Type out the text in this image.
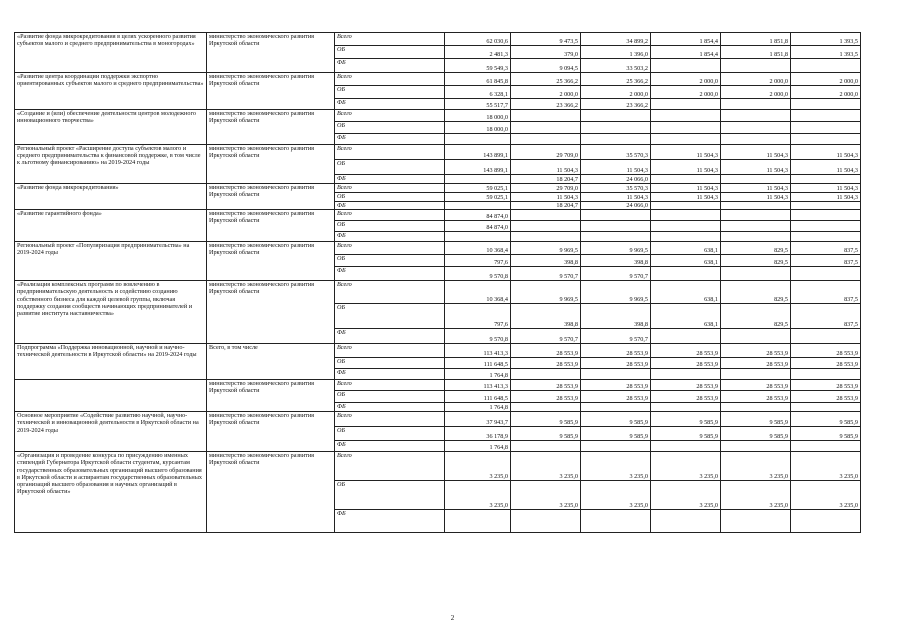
«Развитие фонда микрокредитования в целях ускоренного развития субъектов малого и среднего предпринимательства в моногородах»	министерство экономического развития Иркутской области	Всего	62 030,6	9 473,5	34 899,2	1 854,4	1 851,8	1 393,5
		ОБ	2 481,3	379,0	1 396,0	1 854,4	1 851,8	1 393,5
		ФБ	59 549,3	9 094,5	33 503,2			
«Развитие центра координации поддержки экспортно ориентированных субъектов малого и среднего предпринимательства»	министерство экономического развития Иркутской области	Всего	61 845,8	25 366,2	25 366,2	2 000,0	2 000,0	2 000,0
		ОБ	6 328,1	2 000,0	2 000,0	2 000,0	2 000,0	2 000,0
		ФБ	55 517,7	23 366,2	23 366,2			
«Создание и (или) обеспечение деятельности центров молодежного инновационного творчества»	министерство экономического развития Иркутской области	Всего	18 000,0					
		ОБ	18 000,0					
		ФБ						
Региональный проект «Расширение доступа субъектов малого и среднего предпринимательства к финансовой поддержке, в том числе к льготному финансированию» на 2019-2024 годы	министерство экономического развития Иркутской области	Всего	143 899,1	29 709,0	35 570,3	11 504,3	11 504,3	11 504,3
		ОБ	143 899,1	11 504,3	11 504,3	11 504,3	11 504,3	11 504,3
		ФБ		18 204,7	24 066,0			
«Развитие фонда микрокредитования»	министерство экономического развития Иркутской области	Всего	59 025,1	29 709,0	35 570,3	11 504,3	11 504,3	11 504,3
		ОБ	59 025,1	11 504,3	11 504,3	11 504,3	11 504,3	11 504,3
		ФБ		18 204,7	24 066,0			
«Развитие гарантийного фонда»	министерство экономического развития Иркутской области	Всего	84 874,0					
		ОБ	84 874,0					
		ФБ						
Региональный проект «Популяризация предпринимательства» на 2019-2024 годы	министерство экономического развития Иркутской области	Всего	10 368,4	9 969,5	9 969,5	638,1	829,5	837,5
		ОБ	797,6	398,8	398,8	638,1	829,5	837,5
		ФБ	9 570,8	9 570,7	9 570,7			
«Реализация комплексных программ по вовлечению в предпринимательскую деятельность и содействию созданию собственного бизнеса для каждой целевой группы, включая поддержку создания сообществ начинающих предпринимателей и развитие института наставничества»	министерство экономического развития Иркутской области	Всего	10 368,4	9 969,5	9 969,5	638,1	829,5	837,5
		ОБ	797,6	398,8	398,8	638,1	829,5	837,5
		ФБ	9 570,8	9 570,7	9 570,7			
Подпрограмма «Поддержка инновационной, научной и научно-технической деятельности в Иркутской области» на 2019-2024 годы	Всего, в том числе	Всего	113 413,3	28 553,9	28 553,9	28 553,9	28 553,9	28 553,9
		ОБ	111 648,5	28 553,9	28 553,9	28 553,9	28 553,9	28 553,9
		ФБ	1 764,8					
	министерство экономического развития Иркутской области	Всего	113 413,3	28 553,9	28 553,9	28 553,9	28 553,9	28 553,9
		ОБ	111 648,5	28 553,9	28 553,9	28 553,9	28 553,9	28 553,9
		ФБ	1 764,8					
Основное мероприятие «Содействие развитию научной, научно-технической и инновационной деятельности в Иркутской области на 2019-2024 годы	министерство экономического развития Иркутской области	Всего	37 943,7	9 585,9	9 585,9	9 585,9	9 585,9	9 585,9
		ОБ	36 178,9	9 585,9	9 585,9	9 585,9	9 585,9	9 585,9
		ФБ	1 764,8					
«Организация и проведение конкурса по присуждению именных стипендий Губернатора Иркутской области студентам, курсантам государственных образовательных организаций высшего образования в Иркутской области и аспирантам государственных образовательных организаций высшего образования и научных организаций в Иркутской области»	министерство экономического развития Иркутской области	Всего	3 235,0	3 235,0	3 235,0	3 235,0	3 235,0	3 235,0
		ОБ	3 235,0	3 235,0	3 235,0	3 235,0	3 235,0	3 235,0
		ФБ						
2
